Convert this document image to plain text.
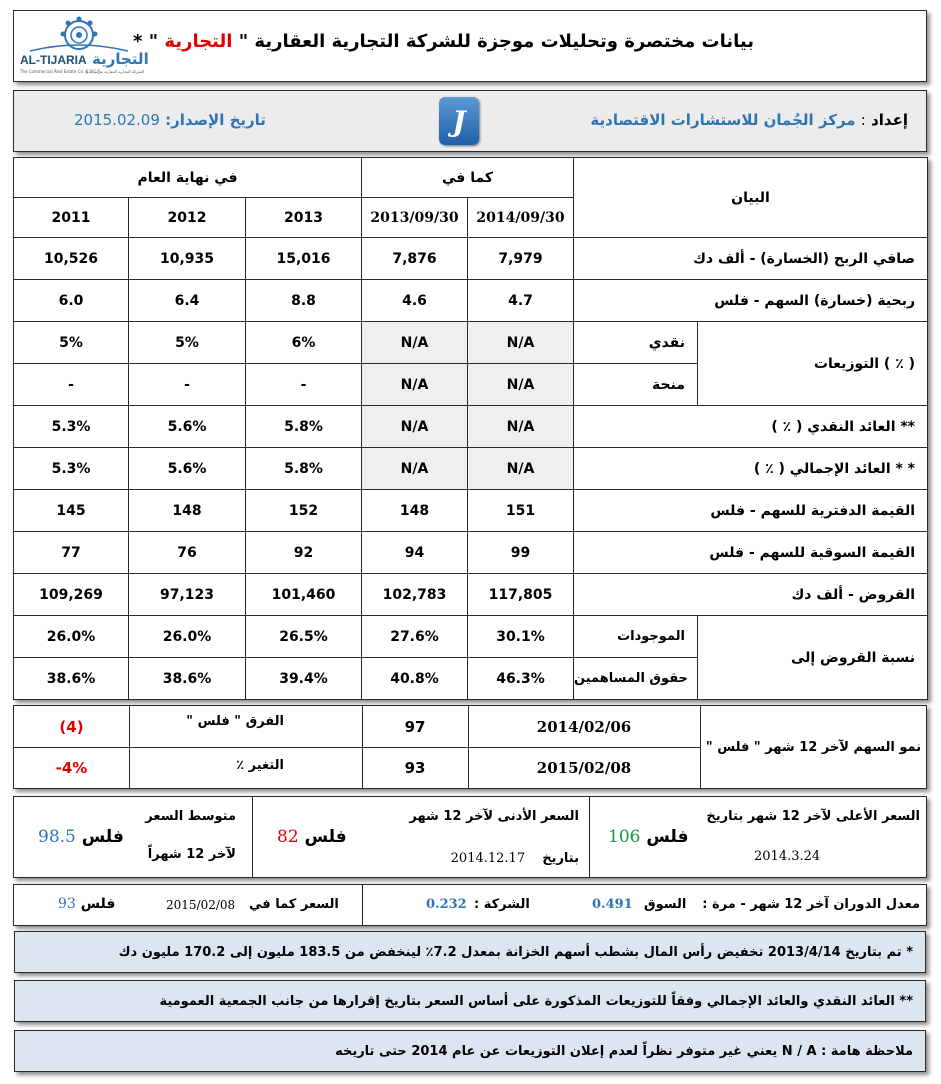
AL-TIJARIA التجارية
The Commercial Real Estate Co. K.S.C.P
الشركة التجارية العقارية ش.م.ك.ع
بيانات مختصرة وتحليلات موجزة للشركة التجارية العقارية " التجارية " *
إعداد : مركز الجُمان للاستشارات الاقتصادية
J
تاريخ الإصدار: 2015.02.09
في نهاية العام			كما في		البيان	
2011	2012	2013	2013/09/30	2014/09/30		
10,526	10,935	15,016	7,876	7,979	صافي الربح (الخسارة) - ألف دك	
6.0	6.4	8.8	4.6	4.7	ربحية (خسارة) السهم - فلس	
5%	5%	6%	N/A	N/A	نقدي	التوزيعات ( ٪ )
-	-	-	N/A	N/A	منحة	
5.3%	5.6%	5.8%	N/A	N/A	** العائد النقدي ( ٪ )	
5.3%	5.6%	5.8%	N/A	N/A	* * العائد الإجمالي ( ٪ )	
145	148	152	148	151	القيمة الدفترية للسهم - فلس	
77	76	92	94	99	القيمة السوقية للسهم - فلس	
109,269	97,123	101,460	102,783	117,805	القروض - ألف دك	
26.0%	26.0%	26.5%	27.6%	30.1%	الموجودات	نسبة القروض إلى
38.6%	38.6%	39.4%	40.8%	46.3%	حقوق المساهمين	
(4)	الفرق " فلس "	97	2014/02/06
-4%	التغير ٪	93	2015/02/08
نمو السهم لآخر 12 شهر " فلس "
السعر الأعلى لآخر 12 شهر بتاريخ
فلس 106
2014.3.24
السعر الأدنى لآخر 12 شهر
فلس 82
بتاريخ 2014.12.17
متوسط السعر
لآخر 12 شهراً
فلس 98.5
معدل الدوران آخر 12 شهر - مرة :
السوق
0.491
الشركة :
0.232
السعر كما في
2015/02/08
فلس 93
* تم بتاريخ 2013/4/14 تخفيض رأس المال بشطب أسهم الخزانة بمعدل 7.2٪ لينخفض من 183.5 مليون إلى 170.2 مليون دك
** العائد النقدي والعائد الإجمالي وفقاً للتوزيعات المذكورة على أساس السعر بتاريخ إقرارها من جانب الجمعية العمومية
ملاحظة هامة : N / A يعني غير متوفر نظراً لعدم إعلان التوزيعات عن عام 2014 حتى تاريخه
